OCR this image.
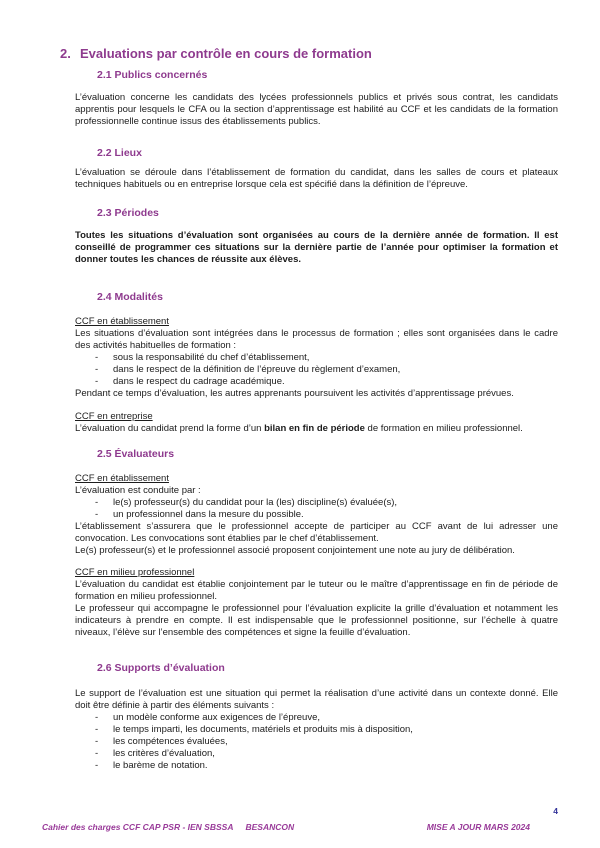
2. Evaluations par contrôle en cours de formation
2.1 Publics concernés
L’évaluation concerne les candidats des lycées professionnels publics et privés sous contrat, les candidats apprentis pour lesquels le CFA ou la section d’apprentissage est habilité au CCF et les candidats de la formation professionnelle continue issus des établissements publics.
2.2 Lieux
L’évaluation se déroule dans l’établissement de formation du candidat, dans les salles de cours et plateaux techniques habituels ou en entreprise lorsque cela est spécifié dans la définition de l’épreuve.
2.3 Périodes
Toutes les situations d’évaluation sont organisées au cours de la dernière année de formation. Il est conseillé de programmer ces situations sur la dernière partie de l’année pour optimiser la formation et donner toutes les chances de réussite aux élèves.
2.4 Modalités
CCF en établissement
Les situations d’évaluation sont intégrées dans le processus de formation ; elles sont organisées dans le cadre des activités habituelles de formation :
- sous la responsabilité du chef d’établissement,
- dans le respect de la définition de l’épreuve du règlement d’examen,
- dans le respect du cadrage académique.
Pendant ce temps d’évaluation, les autres apprenants poursuivent les activités d’apprentissage prévues.
CCF en entreprise
L’évaluation du candidat prend la forme d’un bilan en fin de période de formation en milieu professionnel.
2.5 Évaluateurs
CCF en établissement
L’évaluation est conduite par :
- le(s) professeur(s) du candidat pour la (les) discipline(s) évaluée(s),
- un professionnel dans la mesure du possible.
L’établissement s’assurera que le professionnel accepte de participer au CCF avant de lui adresser une convocation. Les convocations sont établies par le chef d’établissement.
Le(s) professeur(s) et le professionnel associé proposent conjointement une note au jury de délibération.
CCF en milieu professionnel
L’évaluation du candidat est établie conjointement par le tuteur ou le maître d’apprentissage en fin de période de formation en milieu professionnel.
Le professeur qui accompagne le professionnel pour l’évaluation explicite la grille d’évaluation et notamment les indicateurs à prendre en compte. Il est indispensable que le professionnel positionne, sur l’échelle à quatre niveaux, l’élève sur l’ensemble des compétences et signe la feuille d’évaluation.
2.6 Supports d’évaluation
Le support de l’évaluation est une situation qui permet la réalisation d’une activité dans un contexte donné. Elle doit être définie à partir des éléments suivants :
- un modèle conforme aux exigences de l’épreuve,
- le temps imparti, les documents, matériels et produits mis à disposition,
- les compétences évaluées,
- les critères d’évaluation,
- le barème de notation.
4
Cahier des charges CCF CAP PSR - IEN SBSSA BESANCON	MISE A JOUR MARS 2024
